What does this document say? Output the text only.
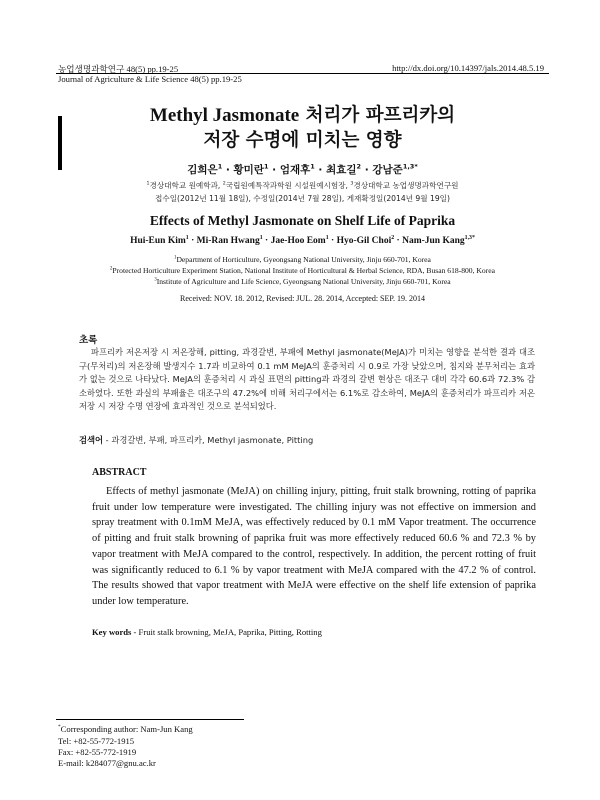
농업생명과학연구 48(5) pp.19-25	http://dx.doi.org/10.14397/jals.2014.48.5.19
Journal of Agriculture & Life Science 48(5) pp.19-25
Methyl Jasmonate 처리가 파프리카의
저장 수명에 미치는 영향
김희은$^1$ · 황미란$^1$ · 엄재후$^1$ · 최효길$^2$ · 강남준$^{1,3*}$
$^1$경상대학교 원예학과, $^2$국립원예특작과학원 시설원예시험장, $^3$경상대학교 농업생명과학연구원
접수일(2012년 11월 18일), 수정일(2014년 7월 28일), 게재확정일(2014년 9월 19일)
Effects of Methyl Jasmonate on Shelf Life of Paprika
Hui-Eun Kim$^1$ · Mi-Ran Hwang$^1$ · Jae-Hoo Eom$^1$ · Hyo-Gil Choi$^2$ · Nam-Jun Kang$^{1,3*}$
$^1$Department of Horticulture, Gyeongsang National University, Jinju 660-701, Korea
$^2$Protected Horticulture Experiment Station, National Institute of Horticultural & Herbal Science, RDA, Busan 618-800, Korea
$^3$Institute of Agriculture and Life Science, Gyeongsang National University, Jinju 660-701, Korea
Received: NOV. 18. 2012, Revised: JUL. 28. 2014, Accepted: SEP. 19. 2014
초록
파프리카 저온저장 시 저온장해, pitting, 과경갈변, 부패에 Methyl jasmonate(MeJA)가 미치는 영향을 분석한 결과 대조구(무처리)의 저온장해 발생지수 1.7과 비교하여 0.1 mM MeJA의 훈증처리 시 0.9로 가장 낮았으며, 침지와 분무처리는 효과가 없는 것으로 나타났다. MeJA의 훈증처리 시 과실 표면의 pitting과 과경의 갈변 현상은 대조구 대비 각각 60.6과 72.3% 감소하였다. 또한 과실의 부패율은 대조구의 47.2%에 비해 처리구에서는 6.1%로 감소하여, MeJA의 훈증처리가 파프리카 저온저장 시 저장 수명 연장에 효과적인 것으로 분석되었다.
검색어 - 과경갈변, 부패, 파프리카, Methyl jasmonate, Pitting
ABSTRACT
Effects of methyl jasmonate (MeJA) on chilling injury, pitting, fruit stalk browning, rotting of paprika fruit under low temperature were investigated. The chilling injury was not effective on immersion and spray treatment with 0.1mM MeJA, was effectively reduced by 0.1 mM Vapor treatment. The occurrence of pitting and fruit stalk browning of paprika fruit was more effectively reduced 60.6 % and 72.3 % by vapor treatment with MeJA compared to the control, respectively. In addition, the percent rotting of fruit was significantly reduced to 6.1 % by vapor treatment with MeJA compared with the 47.2 % of control. The results showed that vapor treatment with MeJA were effective on the shelf life extension of paprika under low temperature.
Key words - Fruit stalk browning, MeJA, Paprika, Pitting, Rotting
*Corresponding author: Nam-Jun Kang
Tel: +82-55-772-1915
Fax: +82-55-772-1919
E-mail: k284077@gnu.ac.kr
